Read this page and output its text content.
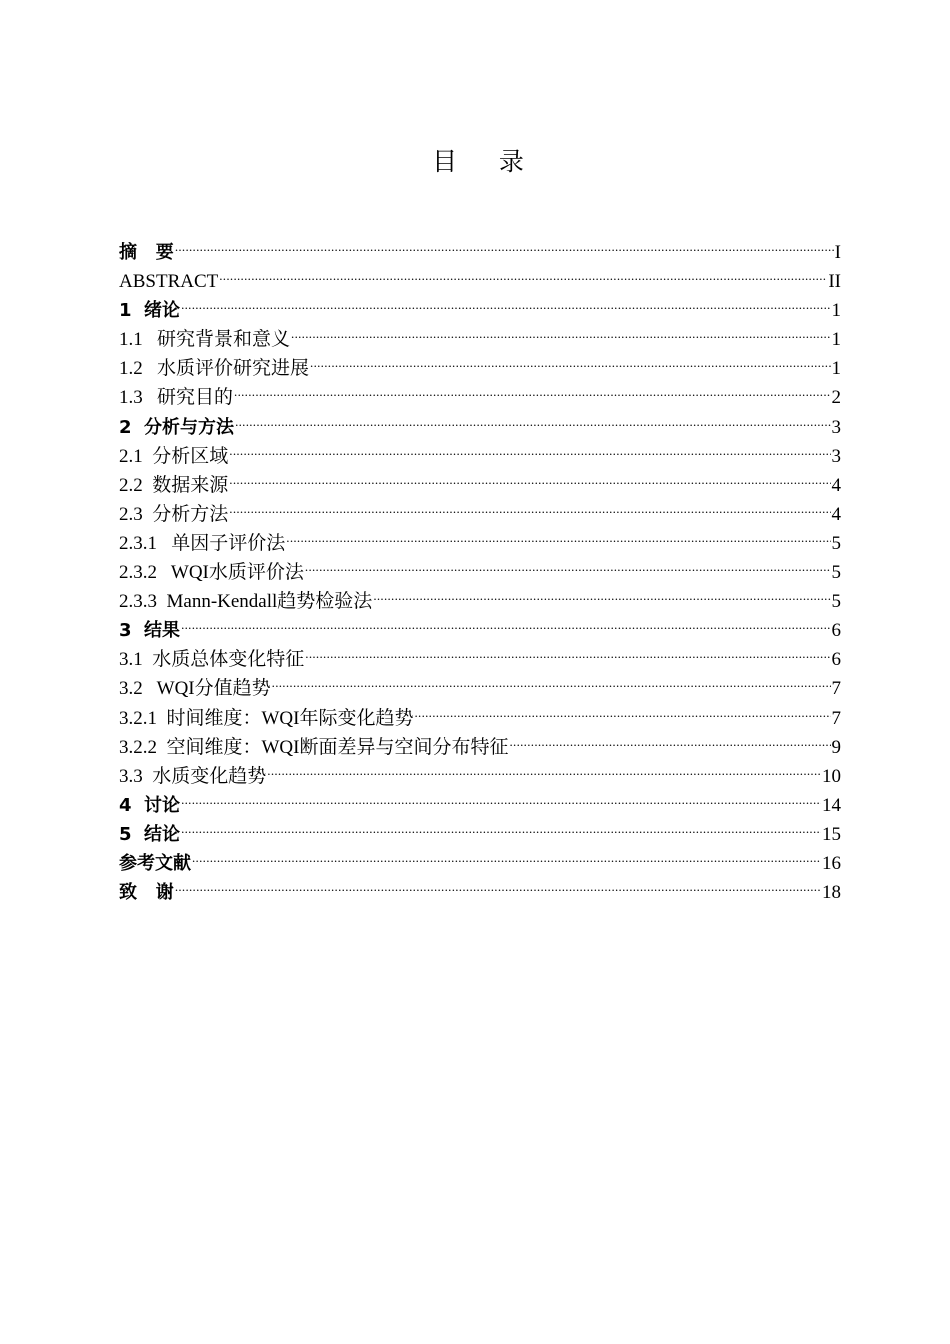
目    录
摘   要 .....	I
ABSTRACT .....	II
1  绪论 .....	1
1.1   研究背景和意义 .....	1
1.2   水质评价研究进展 .....	1
1.3   研究目的 .....	2
2  分析与方法 .....	3
2.1  分析区域 .....	3
2.2  数据来源 .....	4
2.3  分析方法 .....	4
2.3.1   单因子评价法 .....	5
2.3.2   WQI水质评价法 .....	5
2.3.3  Mann-Kendall趋势检验法 .....	5
3  结果 .....	6
3.1  水质总体变化特征 .....	6
3.2   WQI分值趋势 .....	7
3.2.1  时间维度：WQI年际变化趋势 .....	7
3.2.2  空间维度：WQI断面差异与空间分布特征 .....	9
3.3  水质变化趋势 .....	10
4  讨论 .....	14
5  结论 .....	15
参考文献 .....	16
致   谢 .....	18
